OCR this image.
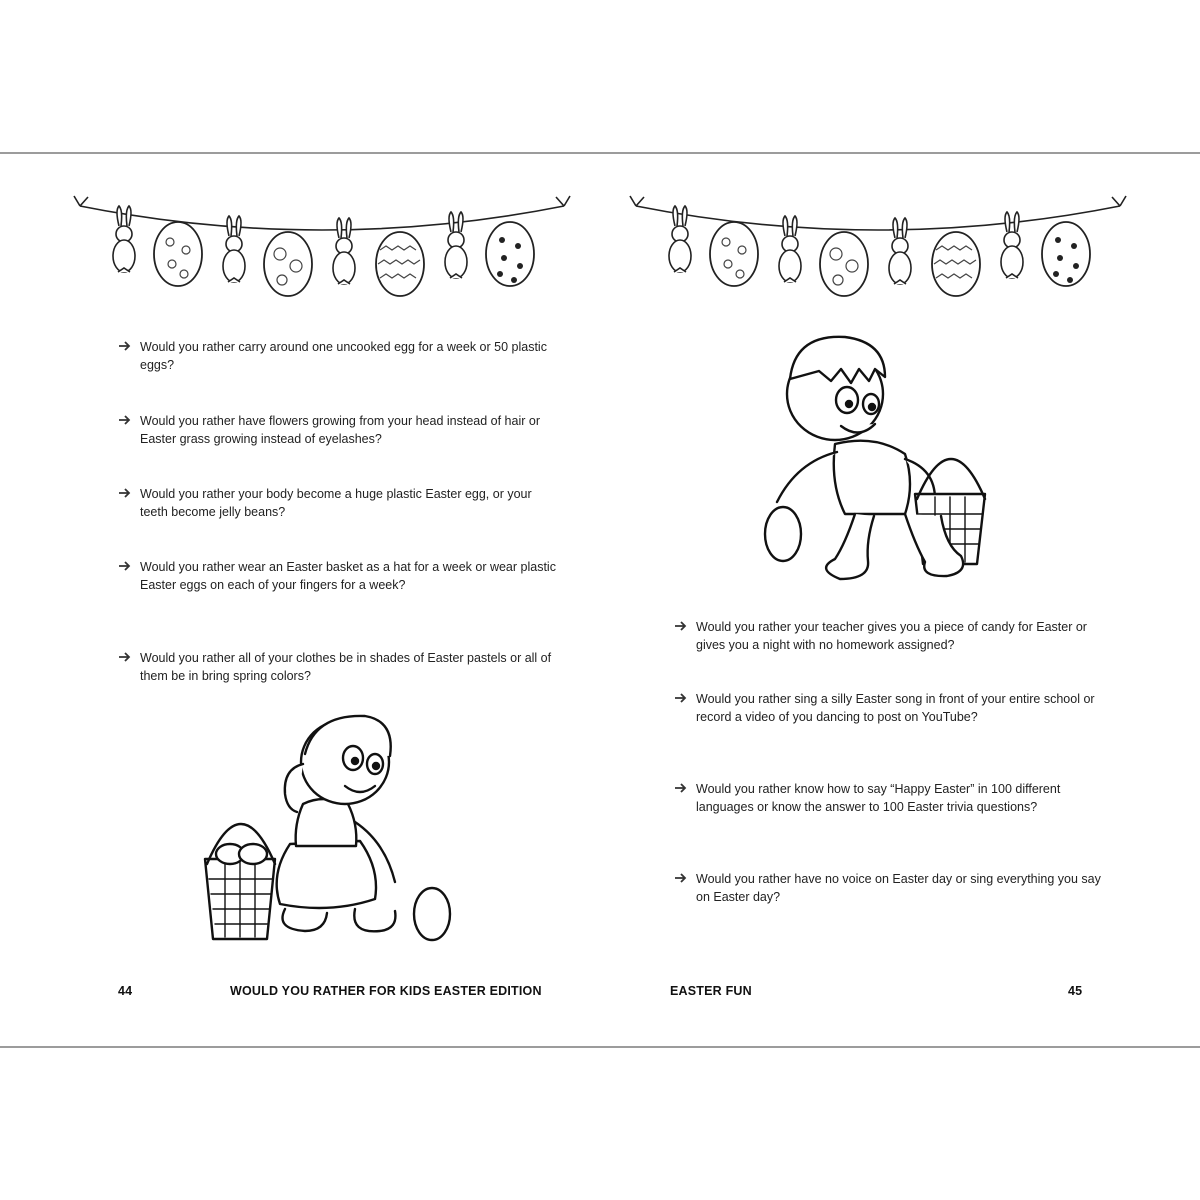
Would you rather carry around one uncooked egg for a week or 50 plastic eggs?
Would you rather have flowers growing from your head instead of hair or Easter grass growing instead of eyelashes?
Would you rather your body become a huge plastic Easter egg, or your teeth become jelly beans?
Would you rather wear an Easter basket as a hat for a week or wear plastic Easter eggs on each of your fingers for a week?
Would you rather all of your clothes be in shades of Easter pastels or all of them be in bring spring colors?
44	WOULD YOU RATHER FOR KIDS EASTER EDITION
Would you rather your teacher gives you a piece of candy for Easter or gives you a night with no homework assigned?
Would you rather sing a silly Easter song in front of your entire school or record a video of you dancing to post on YouTube?
Would you rather know how to say “Happy Easter” in 100 different languages or know the answer to 100 Easter trivia questions?
Would you rather have no voice on Easter day or sing everything you say on Easter day?
EASTER FUN	45
